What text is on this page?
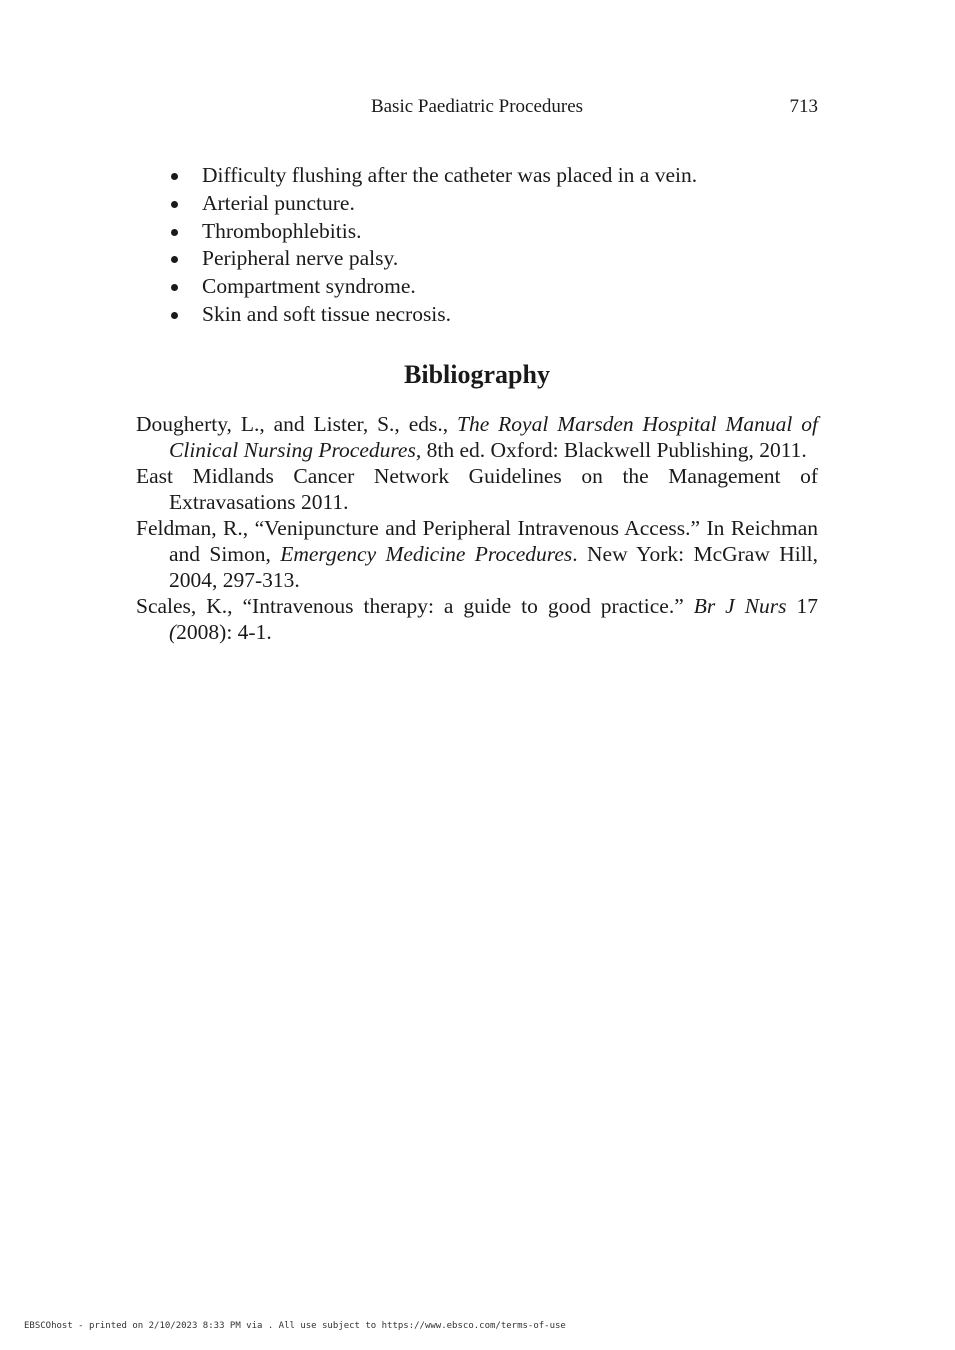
Basic Paediatric Procedures	713
Difficulty flushing after the catheter was placed in a vein.
Arterial puncture.
Thrombophlebitis.
Peripheral nerve palsy.
Compartment syndrome.
Skin and soft tissue necrosis.
Bibliography
Dougherty, L., and Lister, S., eds., The Royal Marsden Hospital Manual of Clinical Nursing Procedures, 8th ed. Oxford: Blackwell Publishing, 2011.
East Midlands Cancer Network Guidelines on the Management of Extravasations 2011.
Feldman, R., “Venipuncture and Peripheral Intravenous Access.” In Reichman and Simon, Emergency Medicine Procedures. New York: McGraw Hill, 2004, 297-313.
Scales, K., “Intravenous therapy: a guide to good practice.” Br J Nurs 17 (2008): 4-1.
EBSCOhost - printed on 2/10/2023 8:33 PM via . All use subject to https://www.ebsco.com/terms-of-use
